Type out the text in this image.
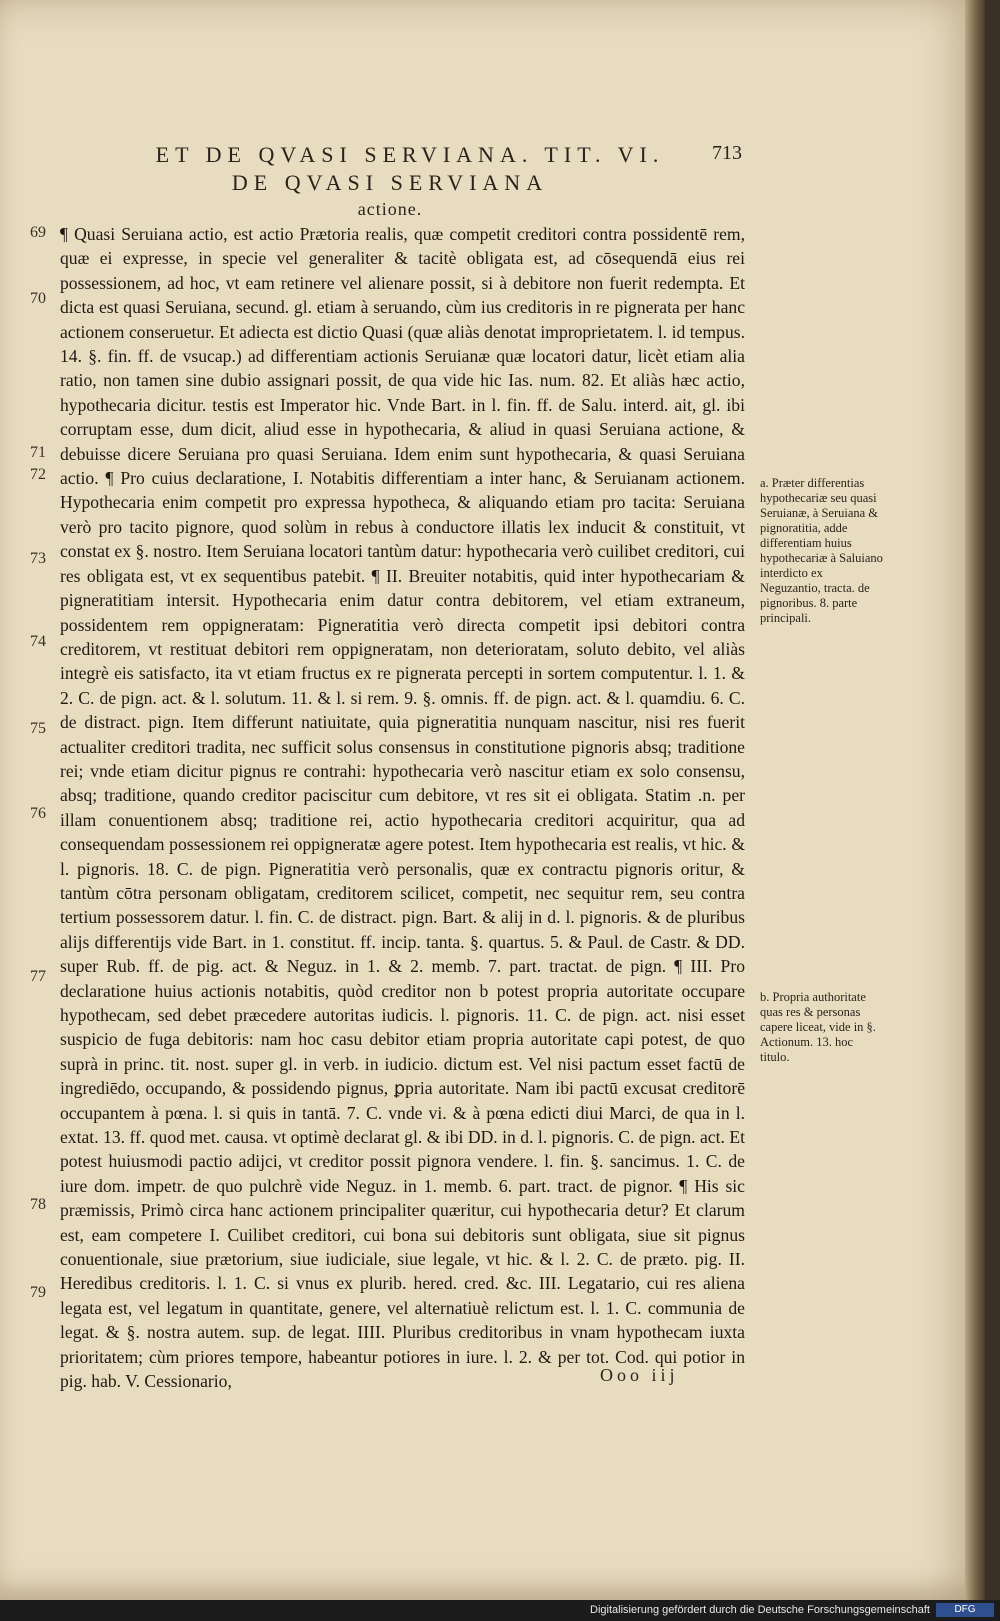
ET DE QVASI SERVIANA. TIT. VI.	713
DE QVASI SERVIANA
actione.
69
70
71
72
73
74
75
76
77
78
79

¶ Quasi Seruiana actio, est actio Prætoria realis, quæ competit creditori contra possidentē rem, quæ ei expresse, in specie vel generaliter & tacitè obligata est, ad cōsequendā eius rei possessionem, ad hoc, vt eam retinere vel alienare possit, si à debitore non fuerit redempta. Et dicta est quasi Seruiana, secund. gl. etiam à seruando, cùm ius creditoris in re pignerata per hanc actionem conseruetur. Et adiecta est dictio Quasi (quæ aliàs denotat improprietatem. l. id tempus. 14. §. fin. ff. de vsucap.) ad differentiam actionis Seruianæ quæ locatori datur, licèt etiam alia ratio, non tamen sine dubio assignari possit, de qua vide hic Ias. num. 82. Et aliàs hæc actio, hypothecaria dicitur. testis est Imperator hic. Vnde Bart. in l. fin. ff. de Salu. interd. ait, gl. ibi corruptam esse, dum dicit, aliud esse in hypothecaria, & aliud in quasi Seruiana actione, & debuisse dicere Seruiana pro quasi Seruiana. Idem enim sunt hypothecaria, & quasi Seruiana actio. ¶ Pro cuius declaratione, I. Notabitis differentiam a inter hanc, & Seruianam actionem. Hypothecaria enim competit pro expressa hypotheca, & aliquando etiam pro tacita: Seruiana verò pro tacito pignore, quod solùm in rebus à conductore illatis lex inducit & constituit, vt constat ex §. nostro. Item Seruiana locatori tantùm datur: hypothecaria verò cuilibet creditori, cui res obligata est, vt ex sequentibus patebit. ¶ II. Breuiter notabitis, quid inter hypothecariam & pigneratitiam intersit. Hypothecaria enim datur contra debitorem, vel etiam extraneum, possidentem rem oppigneratam: Pigneratitia verò directa competit ipsi debitori contra creditorem, vt restituat debitori rem oppigneratam, non deterioratam, soluto debito, vel aliàs integrè eis satisfacto, ita vt etiam fructus ex re pignerata percepti in sortem computentur. l. 1. & 2. C. de pign. act. & l. solutum. 11. & l. si rem. 9. §. omnis. ff. de pign. act. & l. quamdiu. 6. C. de distract. pign. Item differunt natiuitate, quia pigneratitia nunquam nascitur, nisi res fuerit actualiter creditori tradita, nec sufficit solus consensus in constitutione pignoris absq; traditione rei; vnde etiam dicitur pignus re contrahi: hypothecaria verò nascitur etiam ex solo consensu, absq; traditione, quando creditor paciscitur cum debitore, vt res sit ei obligata. Statim .n. per illam conuentionem absq; traditione rei, actio hypothecaria creditori acquiritur, qua ad consequendam possessionem rei oppigneratæ agere potest. Item hypothecaria est realis, vt hic. & l. pignoris. 18. C. de pign. Pigneratitia verò personalis, quæ ex contractu pignoris oritur, & tantùm cōtra personam obligatam, creditorem scilicet, competit, nec sequitur rem, seu contra tertium possessorem datur. l. fin. C. de distract. pign. Bart. & alij in d. l. pignoris. & de pluribus alijs differentijs vide Bart. in 1. constitut. ff. incip. tanta. §. quartus. 5. & Paul. de Castr. & DD. super Rub. ff. de pig. act. & Neguz. in 1. & 2. memb. 7. part. tractat. de pign. ¶ III. Pro declaratione huius actionis notabitis, quòd creditor non b potest propria autoritate occupare hypothecam, sed debet præcedere autoritas iudicis. l. pignoris. 11. C. de pign. act. nisi esset suspicio de fuga debitoris: nam hoc casu debitor etiam propria autoritate capi potest, de quo suprà in princ. tit. nost. super gl. in verb. in iudicio. dictum est. Vel nisi pactum esset factū de ingrediēdo, occupando, & possidendo pignus, ꝑpria autoritate. Nam ibi pactū excusat creditorē occupantem à pœna. l. si quis in tantā. 7. C. vnde vi. & à pœna edicti diui Marci, de qua in l. extat. 13. ff. quod met. causa. vt optimè declarat gl. & ibi DD. in d. l. pignoris. C. de pign. act. Et potest huiusmodi pactio adijci, vt creditor possit pignora vendere. l. fin. §. sancimus. 1. C. de iure dom. impetr. de quo pulchrè vide Neguz. in 1. memb. 6. part. tract. de pignor. ¶ His sic præmissis, Primò circa hanc actionem principaliter quæritur, cui hypothecaria detur? Et clarum est, eam competere I. Cuilibet creditori, cui bona sui debitoris sunt obligata, siue sit pignus conuentionale, siue prætorium, siue iudiciale, siue legale, vt hic. & l. 2. C. de præto. pig. II. Heredibus creditoris. l. 1. C. si vnus ex plurib. hered. cred. &c. III. Legatario, cui res aliena legata est, vel legatum in quantitate, genere, vel alternatiuè relictum est. l. 1. C. communia de legat. & §. nostra autem. sup. de legat. IIII. Pluribus creditoribus in vnam hypothecam iuxta prioritatem; cùm priores tempore, habeantur potiores in iure. l. 2. & per tot. Cod. qui potior in pig. hab. V. Cessionario,

a. Præter differentias hypothecariæ seu quasi Seruianæ, à Seruiana & pignoratitia, adde differentiam huius hypothecariæ à Saluiano interdicto ex Neguzantio, tracta. de pignoribus. 8. parte principali.
b. Propria authoritate quas res & personas capere liceat, vide in §. Actionum. 13. hoc titulo.
Ooo iij
Digitalisierung gefördert durch die Deutsche Forschungsgemeinschaft	DFG
